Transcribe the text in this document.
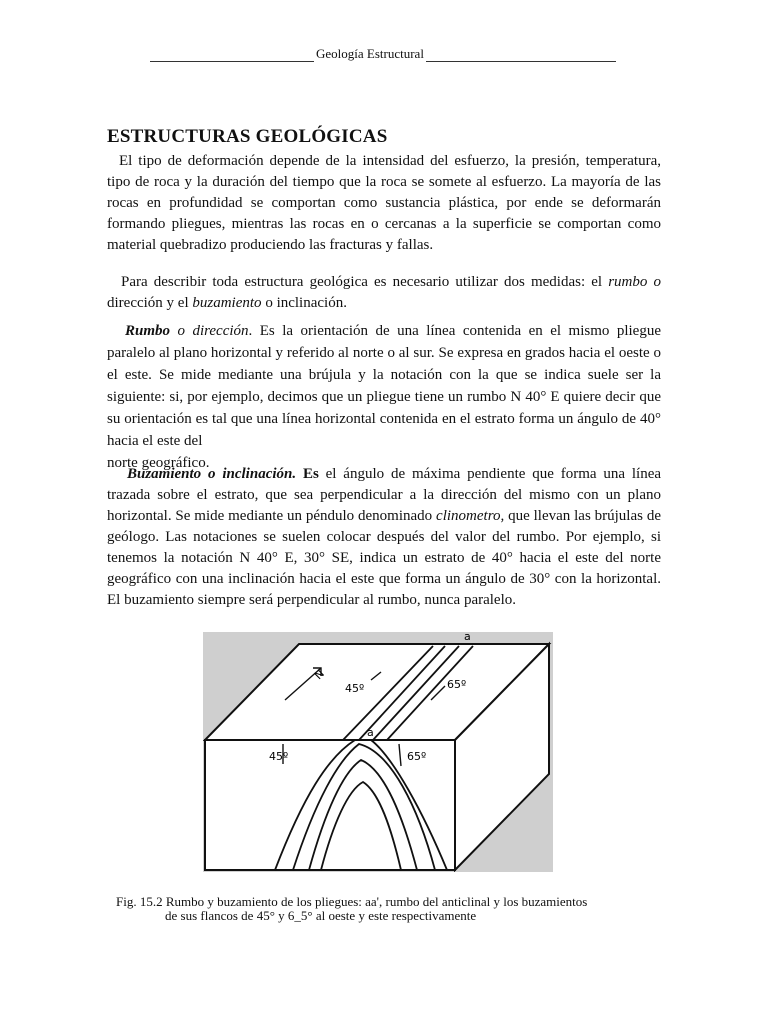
Geología Estructural
ESTRUCTURAS GEOLÓGICAS
El tipo de deformación depende de la intensidad del esfuerzo, la presión, temperatura, tipo de roca y la duración del tiempo que la roca se somete al esfuerzo. La mayoría de las rocas en profundidad se comportan como sustancia plástica, por ende se deformarán formando pliegues, mientras las rocas en o cercanas a la superficie se comportan como material quebradizo produciendo las fracturas y fallas.
Para describir toda estructura geológica es necesario utilizar dos medidas: el rumbo o dirección y el buzamiento o inclinación.
Rumbo o dirección. Es la orientación de una línea contenida en el mismo pliegue paralelo al plano horizontal y referido al norte o al sur. Se expresa en grados hacia el oeste o el este. Se mide mediante una brújula y la notación con la que se indica suele ser la siguiente: si, por ejemplo, decimos que un pliegue tiene un rumbo N 40° E quiere decir que su orientación es tal que una línea horizontal contenida en el estrato forma un ángulo de 40° hacia el este del
norte geográfico.
Buzamiento o inclinación. Es el ángulo de máxima pendiente que forma una línea trazada sobre el estrato, que sea perpendicular a la dirección del mismo con un plano horizontal. Se mide mediante un péndulo denominado clinometro, que llevan las brújulas de geólogo. Las notaciones se suelen colocar después del valor del rumbo. Por ejemplo, si tenemos la notación N 40° E, 30° SE, indica un estrato de 40° hacia el este del norte geográfico con una inclinación hacia el este que forma un ángulo de 30° con la horizontal. El buzamiento siempre será perpendicular al rumbo, nunca paralelo.
a
a
N
45º	65º
45º	65º
Fig. 15.2 Rumbo y buzamiento de los pliegues: aa', rumbo del anticlinal y los buzamientos
de sus flancos de 45° y 6_5° al oeste y este respectivamente
